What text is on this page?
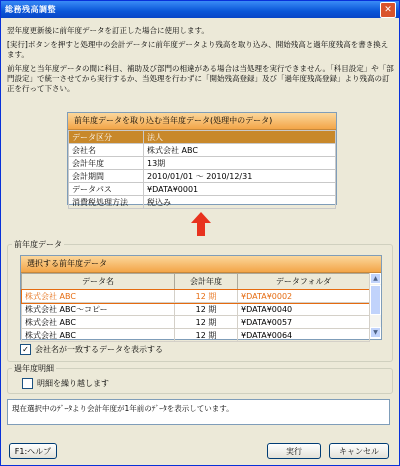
総務残高調整	✕

翌年度更新後に前年度データを訂正した場合に使用します。

[実行]ボタンを押すと処理中の会計データに前年度データより残高を取り込み、開始残高と過年度残高を書き換えます。

前年度と当年度データの間に科目、補助及び部門の相違がある場合は当処理を実行できません。「科目設定」や「部門設定」で統一させてから実行するか、当処理を行わずに「開始残高登録」及び「過年度残高登録」より残高の訂正を行って下さい。

前年度データを取り込む当年度データ(処理中のデータ)
データ区分	法人
会社名	株式会社 ABC
会計年度	13期
会計期間	2010/01/01 〜 2010/12/31
データパス	¥DATA¥0001
消費税処理方法	税込み
前年度データ
選択する前年度データ
データ名	会計年度	データフォルダ
株式会社 ABC	12 期	¥DATA¥0002
株式会社 ABC〜コピー	12 期	¥DATA¥0040
株式会社 ABC	12 期	¥DATA¥0057
株式会社 ABC	12 期	¥DATA¥0064
▲
▼
✓ 会社名が一致するデータを表示する
過年度明細
明細を繰り越します
現在選択中のﾃﾞｰﾀより会計年度が1年前のﾃﾞｰﾀを表示しています。
F1:ヘルプ	実行	キャンセル
